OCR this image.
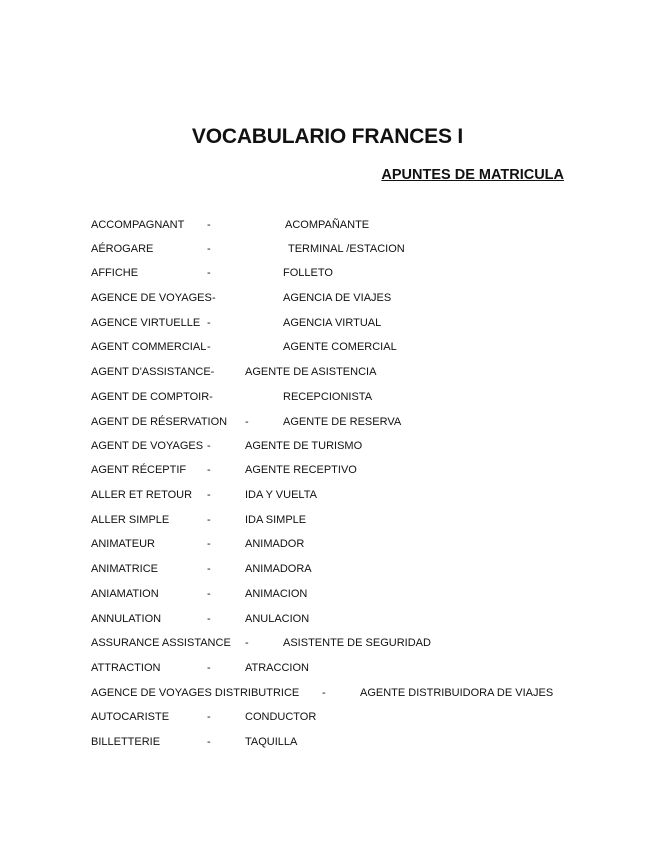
VOCABULARIO FRANCES I
APUNTES DE MATRICULA
ACCOMPAGNANT -	ACOMPAÑANTE
AÉROGARE	-	TERMINAL /ESTACION
AFFICHE	-	FOLLETO
AGENCE DE VOYAGES -	AGENCIA DE VIAJES
AGENCE VIRTUELLE -	AGENCIA VIRTUAL
AGENT COMMERCIAL -	AGENTE COMERCIAL
AGENT D'ASSISTANCE-	AGENTE DE ASISTENCIA
AGENT DE COMPTOIR-	RECEPCIONISTA
AGENT DE RÉSERVATION -	AGENTE DE RESERVA
AGENT DE VOYAGES -	AGENTE DE TURISMO
AGENT RÉCEPTIF -	AGENTE RECEPTIVO
ALLER ET RETOUR -	IDA Y VUELTA
ALLER SIMPLE	-	IDA SIMPLE
ANIMATEUR	-	ANIMADOR
ANIMATRICE	-	ANIMADORA
ANIAMATION	-	ANIMACION
ANNULATION	-	ANULACION
ASSURANCE ASSISTANCE -	ASISTENTE DE SEGURIDAD
ATTRACTION	-	ATRACCION
AGENCE DE VOYAGES DISTRIBUTRICE -	AGENTE DISTRIBUIDORA DE VIAJES
AUTOCARISTE	-	CONDUCTOR
BILLETTERIE	-	TAQUILLA
